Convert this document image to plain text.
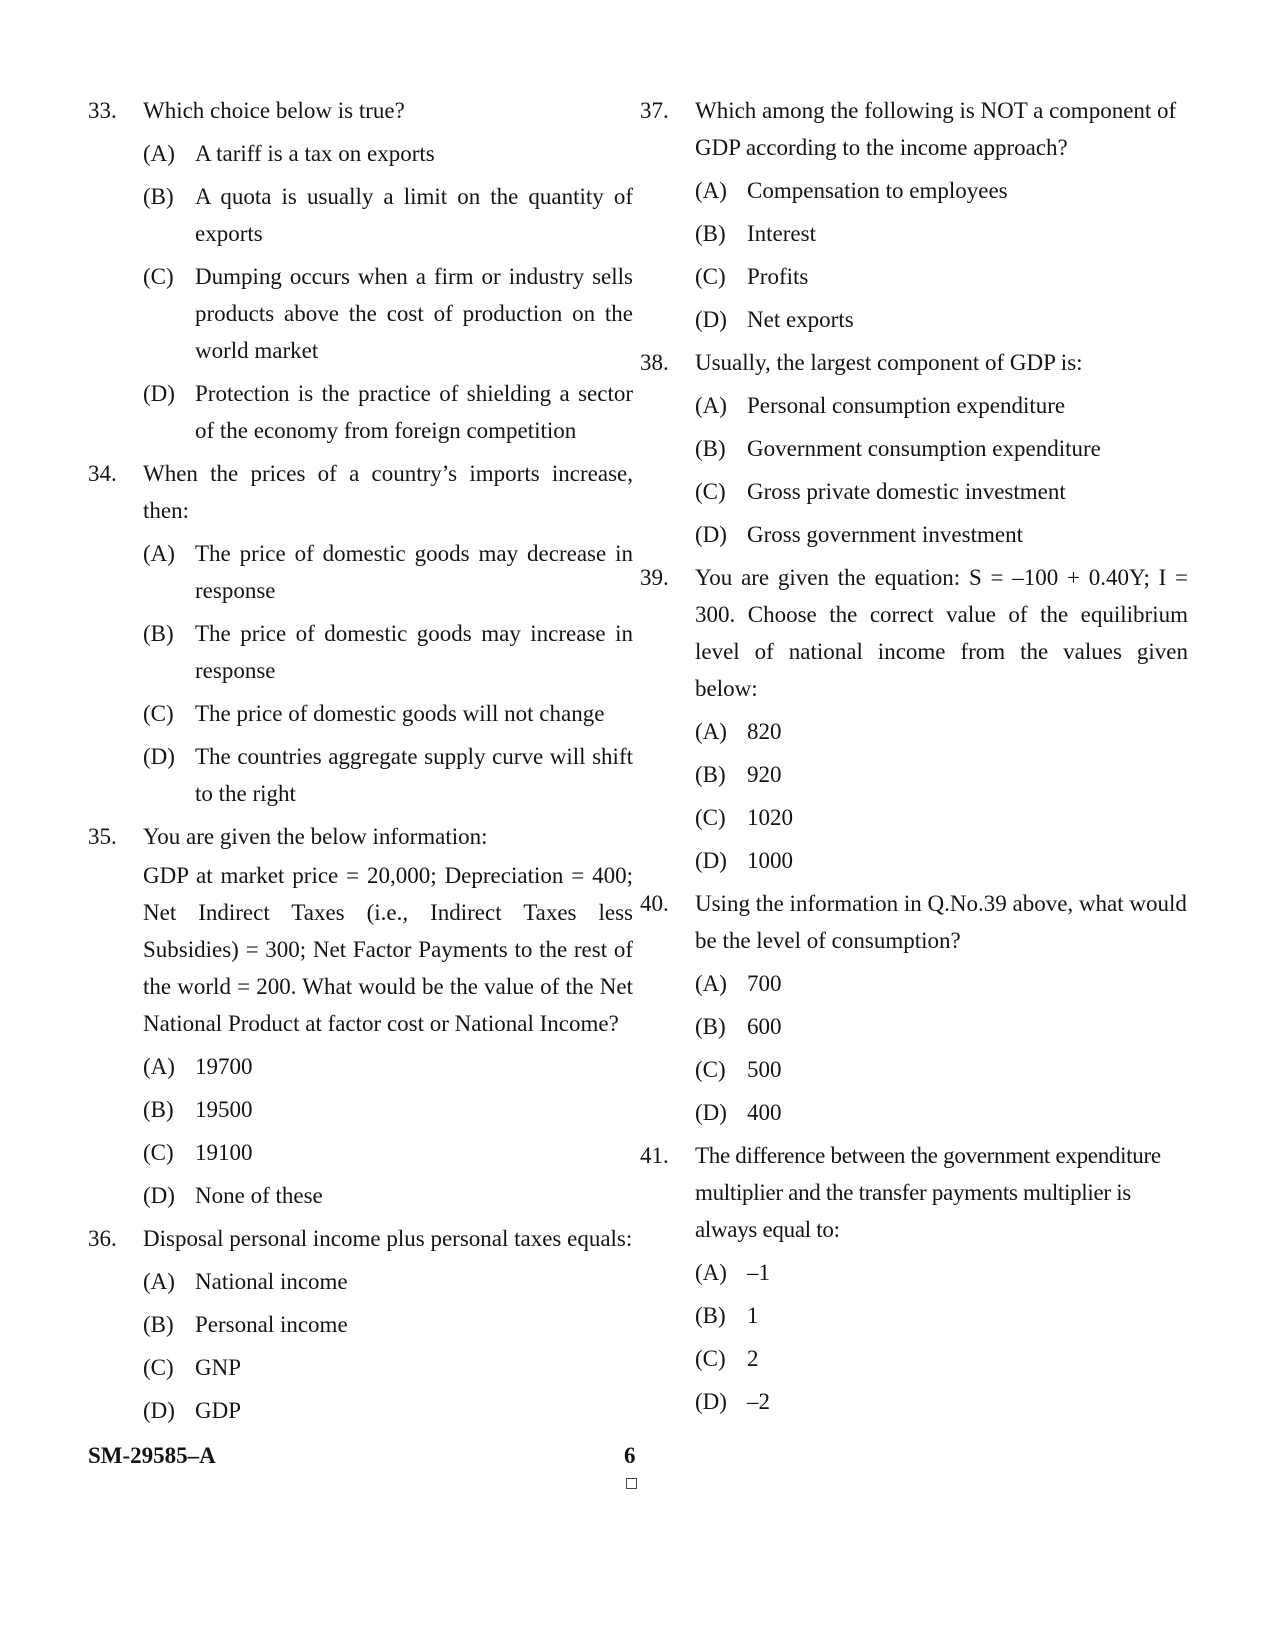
33. Which choice below is true?
(A) A tariff is a tax on exports
(B) A quota is usually a limit on the quantity of exports
(C) Dumping occurs when a firm or industry sells products above the cost of production on the world market
(D) Protection is the practice of shielding a sector of the economy from foreign competition
34. When the prices of a country’s imports increase, then:
(A) The price of domestic goods may decrease in response
(B) The price of domestic goods may increase in response
(C) The price of domestic goods will not change
(D) The countries aggregate supply curve will shift to the right
35. You are given the below information:
GDP at market price = 20,000; Depreciation = 400; Net Indirect Taxes (i.e., Indirect Taxes less Subsidies) = 300; Net Factor Payments to the rest of the world = 200. What would be the value of the Net National Product at factor cost or National Income?
(A) 19700
(B) 19500
(C) 19100
(D) None of these
36. Disposal personal income plus personal taxes equals:
(A) National income
(B) Personal income
(C) GNP
(D) GDP
37. Which among the following is NOT a component of GDP according to the income approach?
(A) Compensation to employees
(B) Interest
(C) Profits
(D) Net exports
38. Usually, the largest component of GDP is:
(A) Personal consumption expenditure
(B) Government consumption expenditure
(C) Gross private domestic investment
(D) Gross government investment
39. You are given the equation: S = –100 + 0.40Y; I = 300. Choose the correct value of the equilibrium level of national income from the values given below:
(A) 820
(B) 920
(C) 1020
(D) 1000
40. Using the information in Q.No.39 above, what would be the level of consumption?
(A) 700
(B) 600
(C) 500
(D) 400
41. The difference between the government expenditure multiplier and the transfer payments multiplier is always equal to:
(A) –1
(B) 1
(C) 2
(D) –2
SM-29585–A	6
